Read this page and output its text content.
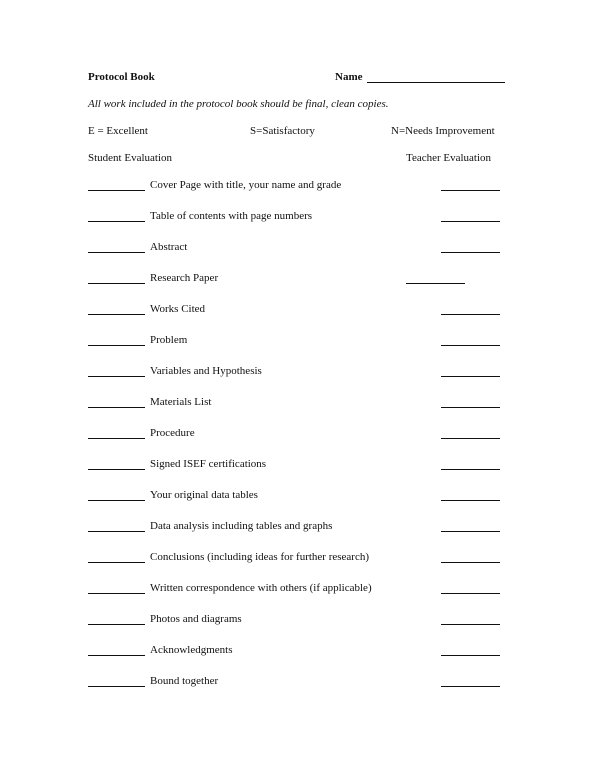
Protocol Book	Name
All work included in the protocol book should be final, clean copies.
E = Excellent	S=Satisfactory	N=Needs Improvement
Student Evaluation	Teacher Evaluation
Cover Page with title, your name and grade
Table of contents with page numbers
Abstract
Research Paper
Works Cited
Problem
Variables and Hypothesis
Materials List
Procedure
Signed ISEF certifications
Your original data tables
Data analysis including tables and graphs
Conclusions (including ideas for further research)
Written correspondence with others (if applicable)
Photos and diagrams
Acknowledgments
Bound together
